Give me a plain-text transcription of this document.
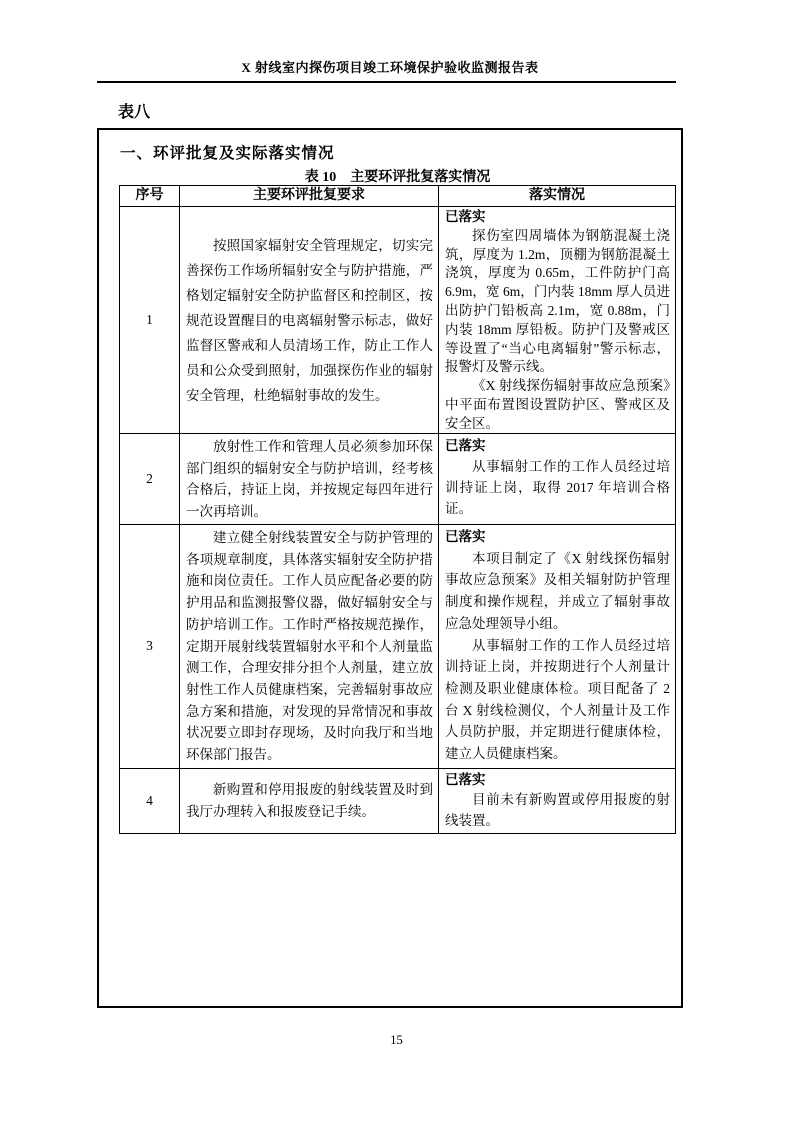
X 射线室内探伤项目竣工环境保护验收监测报告表
表八
一、环评批复及实际落实情况
表 10　主要环评批复落实情况
序号	主要环评批复要求	落实情况
1	按照国家辐射安全管理规定，切实完善探伤工作场所辐射安全与防护措施，严格划定辐射安全防护监督区和控制区，按规范设置醒目的电离辐射警示标志，做好监督区警戒和人员清场工作，防止工作人员和公众受到照射，加强探伤作业的辐射安全管理，杜绝辐射事故的发生。	已落实

探伤室四周墙体为钢筋混凝土浇筑，厚度为 1.2m，顶棚为钢筋混凝土浇筑，厚度为 0.65m，工件防护门高 6.9m，宽 6m，门内装 18mm 厚人员进出防护门铅板高 2.1m，宽 0.88m，门内装 18mm 厚铅板。防护门及警戒区等设置了“当心电离辐射”警示标志，报警灯及警示线。

《X 射线探伤辐射事故应急预案》中平面布置图设置防护区、警戒区及安全区。

2	放射性工作和管理人员必须参加环保部门组织的辐射安全与防护培训，经考核合格后，持证上岗，并按规定每四年进行一次再培训。	已落实

从事辐射工作的工作人员经过培训持证上岗，取得 2017 年培训合格证。

3	建立健全射线装置安全与防护管理的各项规章制度，具体落实辐射安全防护措施和岗位责任。工作人员应配备必要的防护用品和监测报警仪器，做好辐射安全与防护培训工作。工作时严格按规范操作，定期开展射线装置辐射水平和个人剂量监测工作，合理安排分担个人剂量，建立放射性工作人员健康档案，完善辐射事故应急方案和措施，对发现的异常情况和事故状况要立即封存现场，及时向我厅和当地环保部门报告。	已落实

本项目制定了《X 射线探伤辐射事故应急预案》及相关辐射防护管理制度和操作规程，并成立了辐射事故应急处理领导小组。

从事辐射工作的工作人员经过培训持证上岗，并按期进行个人剂量计检测及职业健康体检。项目配备了 2 台 X 射线检测仪，个人剂量计及工作人员防护服，并定期进行健康体检，建立人员健康档案。

4	新购置和停用报废的射线装置及时到我厅办理转入和报废登记手续。	已落实

目前未有新购置或停用报废的射线装置。

15
